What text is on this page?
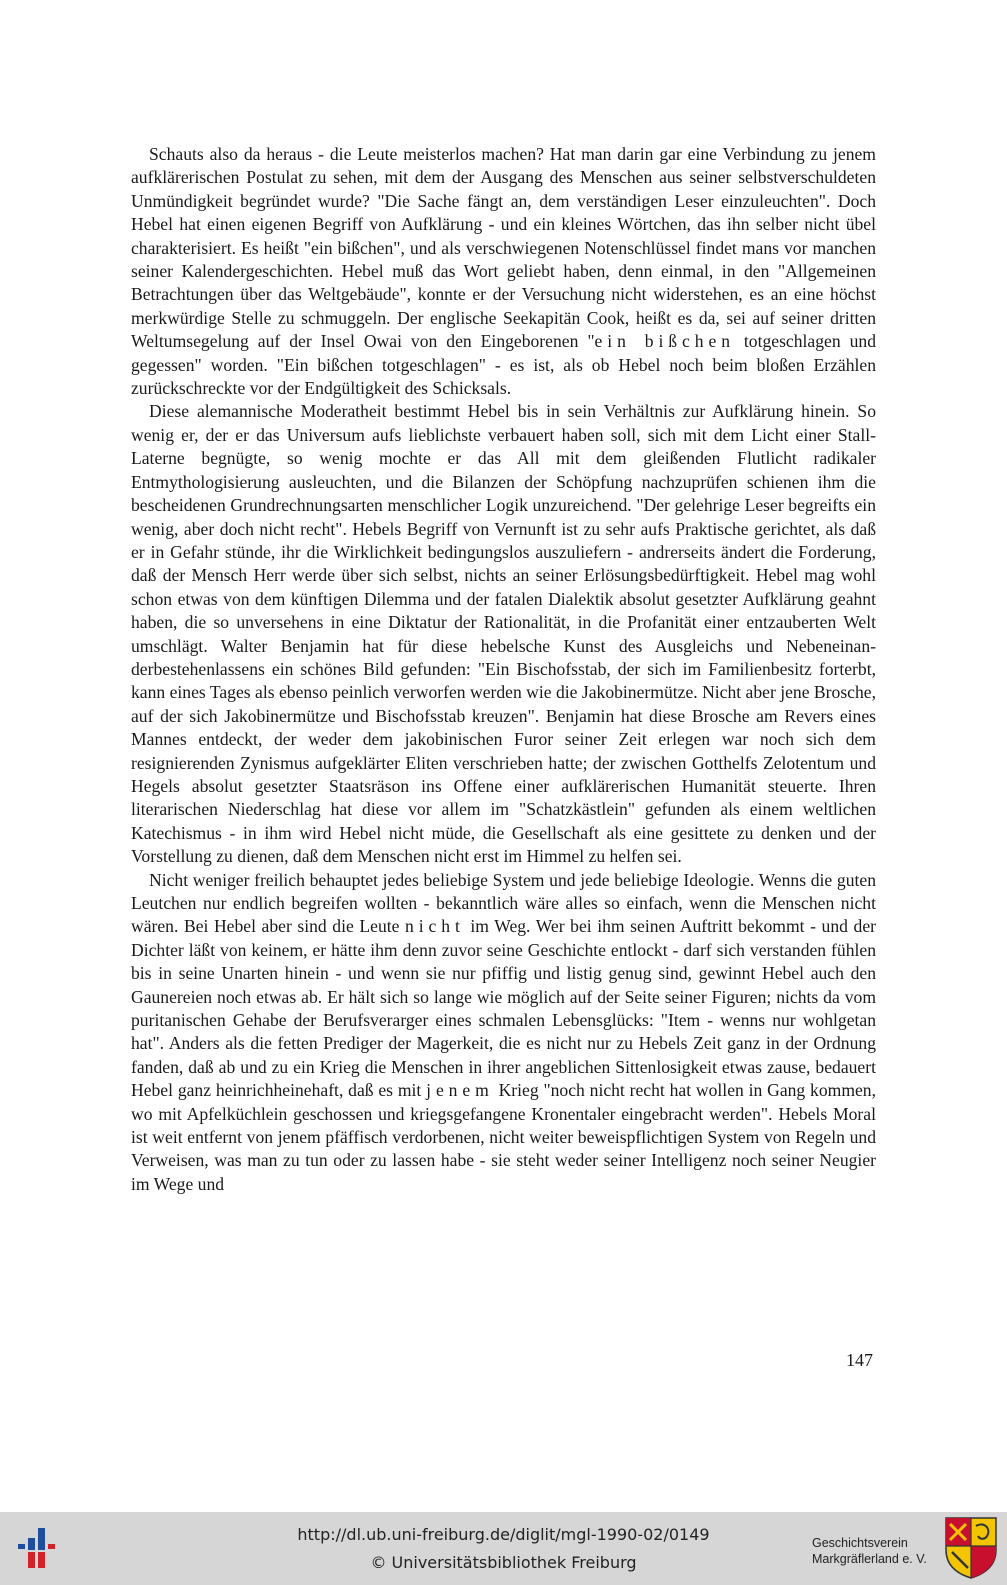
Schauts also da heraus - die Leute meisterlos machen? Hat man darin gar eine Verbindung zu jenem aufklärerischen Postulat zu sehen, mit dem der Ausgang des Menschen aus seiner selbstverschuldeten Unmündigkeit begründet wurde? "Die Sache fängt an, dem verständigen Leser einzuleuchten". Doch Hebel hat einen eigenen Begriff von Aufklärung - und ein kleines Wörtchen, das ihn selber nicht übel charakterisiert. Es heißt "ein bißchen", und als verschwiegenen Notenschlüssel findet mans vor manchen seiner Kalendergeschichten. Hebel muß das Wort geliebt haben, denn einmal, in den "Allgemeinen Betrachtungen über das Weltgebäude", konnte er der Versuchung nicht widerstehen, es an eine höchst merkwürdige Stelle zu schmuggeln. Der englische Seekapitän Cook, heißt es da, sei auf seiner dritten Weltumsegelung auf der Insel Owai von den Eingeborenen "ein bißchen totgeschlagen und gegessen" worden. "Ein bißchen totgeschlagen" - es ist, als ob Hebel noch beim bloßen Erzählen zurückschreckte vor der Endgültigkeit des Schicksals.

Diese alemannische Moderatheit bestimmt Hebel bis in sein Verhältnis zur Aufklärung hinein. So wenig er, der er das Universum aufs lieblichste verbauert haben soll, sich mit dem Licht einer Stall-Laterne begnügte, so wenig mochte er das All mit dem gleißenden Flutlicht radikaler Entmythologisierung ausleuchten, und die Bilanzen der Schöpfung nachzuprüfen schienen ihm die bescheidenen Grundrechnungsarten menschlicher Logik unzureichend. "Der gelehrige Leser begreifts ein wenig, aber doch nicht recht". Hebels Begriff von Vernunft ist zu sehr aufs Praktische gerichtet, als daß er in Gefahr stünde, ihr die Wirklichkeit bedingungslos auszuliefern - andrerseits ändert die Forderung, daß der Mensch Herr werde über sich selbst, nichts an seiner Erlösungsbedürftigkeit. Hebel mag wohl schon etwas von dem künftigen Dilemma und der fatalen Dialektik absolut gesetzter Aufklärung geahnt haben, die so unversehens in eine Diktatur der Rationalität, in die Profanität einer entzauberten Welt umschlägt. Walter Benjamin hat für diese hebelsche Kunst des Ausgleichs und Nebeneinanderbestehenlassens ein schönes Bild gefunden: "Ein Bischofsstab, der sich im Familienbesitz forterbt, kann eines Tages als ebenso peinlich verworfen werden wie die Jakobinermütze. Nicht aber jene Brosche, auf der sich Jakobinermütze und Bischofsstab kreuzen". Benjamin hat diese Brosche am Revers eines Mannes entdeckt, der weder dem jakobinischen Furor seiner Zeit erlegen war noch sich dem resignierenden Zynismus aufgeklärter Eliten verschrieben hatte; der zwischen Gotthelfs Zelotentum und Hegels absolut gesetzter Staatsräson ins Offene einer aufklärerischen Humanität steuerte. Ihren literarischen Niederschlag hat diese vor allem im "Schatzkästlein" gefunden als einem weltlichen Katechismus - in ihm wird Hebel nicht müde, die Gesellschaft als eine gesittete zu denken und der Vorstellung zu dienen, daß dem Menschen nicht erst im Himmel zu helfen sei.

Nicht weniger freilich behauptet jedes beliebige System und jede beliebige Ideologie. Wenns die guten Leutchen nur endlich begreifen wollten - bekanntlich wäre alles so einfach, wenn die Menschen nicht wären. Bei Hebel aber sind die Leute nicht im Weg. Wer bei ihm seinen Auftritt bekommt - und der Dichter läßt von keinem, er hätte ihm denn zuvor seine Geschichte entlockt - darf sich verstanden fühlen bis in seine Unarten hinein - und wenn sie nur pfiffig und listig genug sind, gewinnt Hebel auch den Gaunereien noch etwas ab. Er hält sich so lange wie möglich auf der Seite seiner Figuren; nichts da vom puritanischen Gehabe der Berufsverarger eines schmalen Lebensglücks: "Item - wenns nur wohlgetan hat". Anders als die fetten Prediger der Magerkeit, die es nicht nur zu Hebels Zeit ganz in der Ordnung fanden, daß ab und zu ein Krieg die Menschen in ihrer angeblichen Sittenlosigkeit etwas zause, bedauert Hebel ganz heinrichheinehaft, daß es mit jenem Krieg "noch nicht recht hat wollen in Gang kommen, wo mit Apfelküchlein geschossen und kriegsgefangene Kronentaler eingebracht werden". Hebels Moral ist weit entfernt von jenem pfäffisch verdorbenen, nicht weiter beweispflichtigen System von Regeln und Verweisen, was man zu tun oder zu lassen habe - sie steht weder seiner Intelligenz noch seiner Neugier im Wege und

147
http://dl.ub.uni-freiburg.de/diglit/mgl-1990-02/0149
© Universitätsbibliothek Freiburg
Geschichtsverein
Markgräflerland e. V.
